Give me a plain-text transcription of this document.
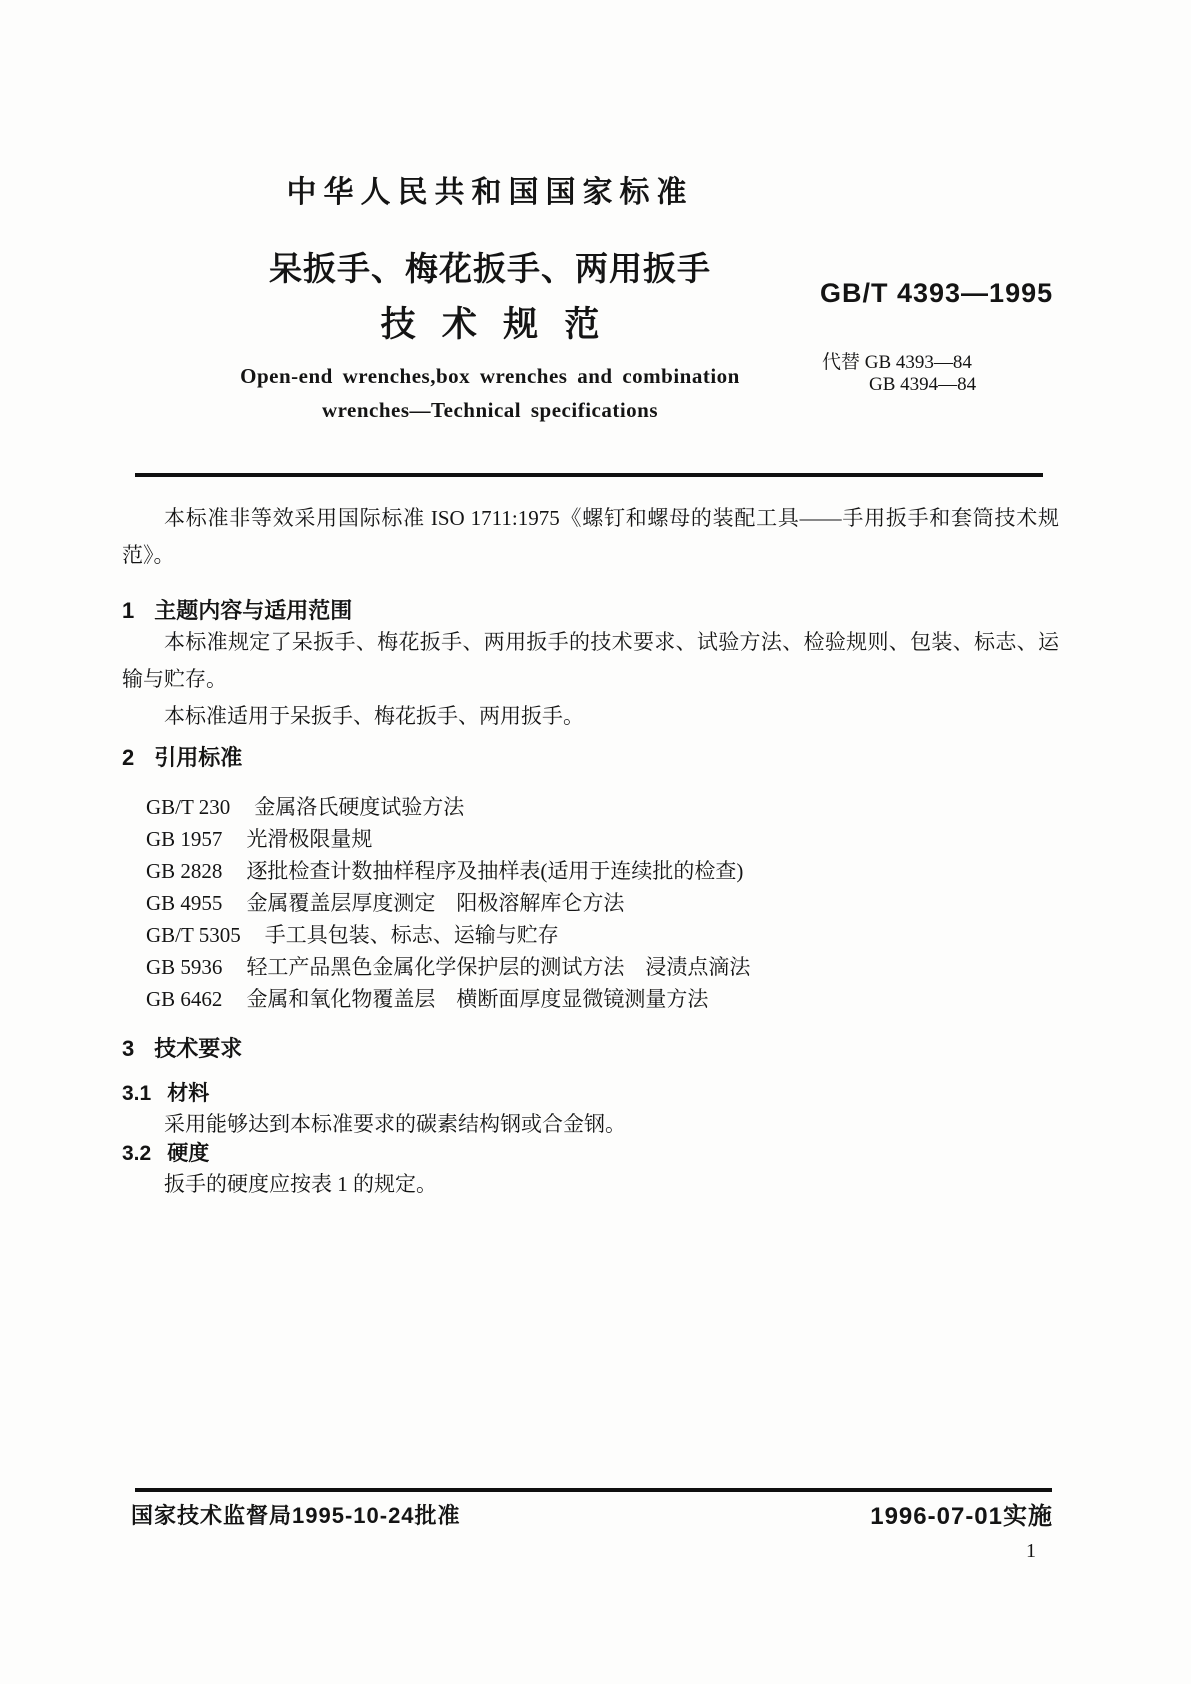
中华人民共和国国家标准
呆扳手、梅花扳手、两用扳手
技术规范
Open-end wrenches,box wrenches and combination
wrenches—Technical specifications
GB/T 4393—1995
代替 GB 4393—84
GB 4394—84

本标准非等效采用国际标准 ISO 1711:1975《螺钉和螺母的装配工具——手用扳手和套筒技术规范》。

1 主题内容与适用范围

本标准规定了呆扳手、梅花扳手、两用扳手的技术要求、试验方法、检验规则、包装、标志、运输与贮存。

本标准适用于呆扳手、梅花扳手、两用扳手。

2 引用标准
GB/T 230 金属洛氏硬度试验方法
GB 1957 光滑极限量规
GB 2828 逐批检查计数抽样程序及抽样表(适用于连续批的检查)
GB 4955 金属覆盖层厚度测定　阳极溶解库仑方法
GB/T 5305 手工具包装、标志、运输与贮存
GB 5936 轻工产品黑色金属化学保护层的测试方法　浸渍点滴法
GB 6462 金属和氧化物覆盖层　横断面厚度显微镜测量方法
3 技术要求
3.1 材料

采用能够达到本标准要求的碳素结构钢或合金钢。

3.2 硬度

扳手的硬度应按表 1 的规定。

国家技术监督局1995-10-24批准	1996-07-01实施
1
